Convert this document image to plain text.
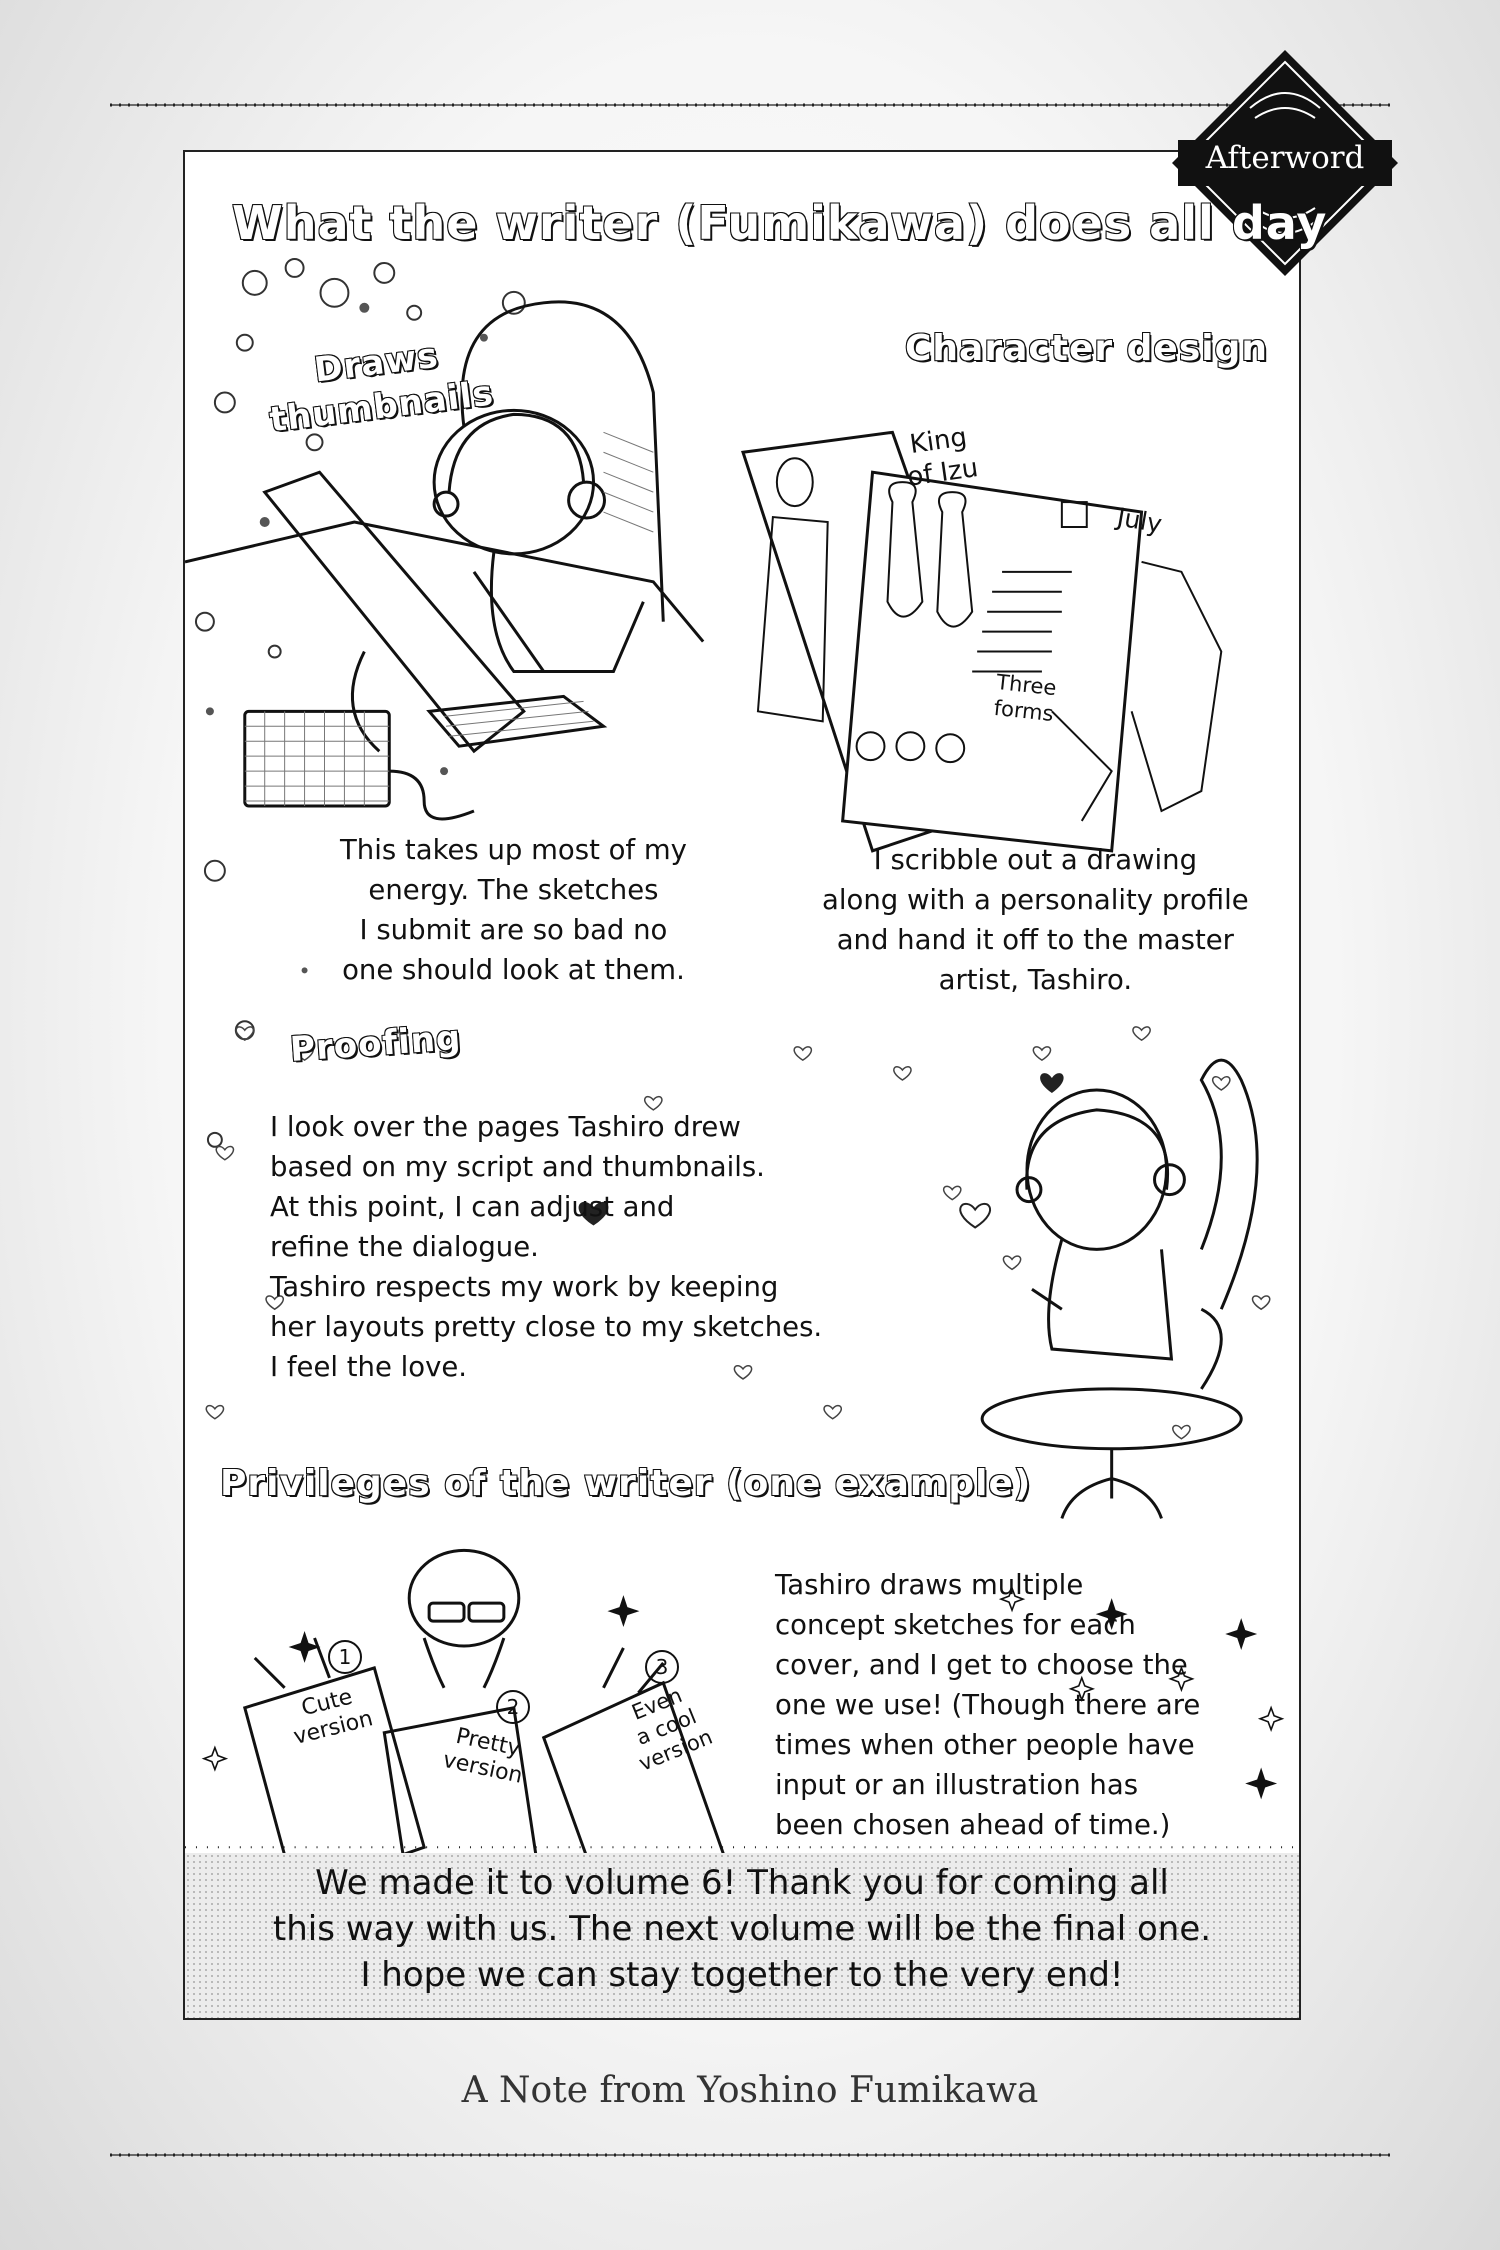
Afterword
What the writer (Fumikawa) does all day
Draws
thumbnails
Character design
Proofing
Privileges of the writer (one example)
This takes up most of my
energy. The sketches
I submit are so bad no
one should look at them.
I scribble out a drawing
along with a personality profile
and hand it off to the master
artist, Tashiro.
I look over the pages Tashiro drew
based on my script and thumbnails.
At this point, I can adjust and
refine the dialogue.
Tashiro respects my work by keeping
her layouts pretty close to my sketches.
I feel the love.
Tashiro draws multiple
concept sketches for each
cover, and I get to choose the
one we use! (Though there are
times when other people have
input or an illustration has
been chosen ahead of time.)
King
of Izu
July
Three
forms
1
Cute
version	2
Pretty
version
3
Even
a cool
version
We made it to volume 6! Thank you for coming all
this way with us. The next volume will be the final one.
I hope we can stay together to the very end!
A Note from Yoshino Fumikawa
